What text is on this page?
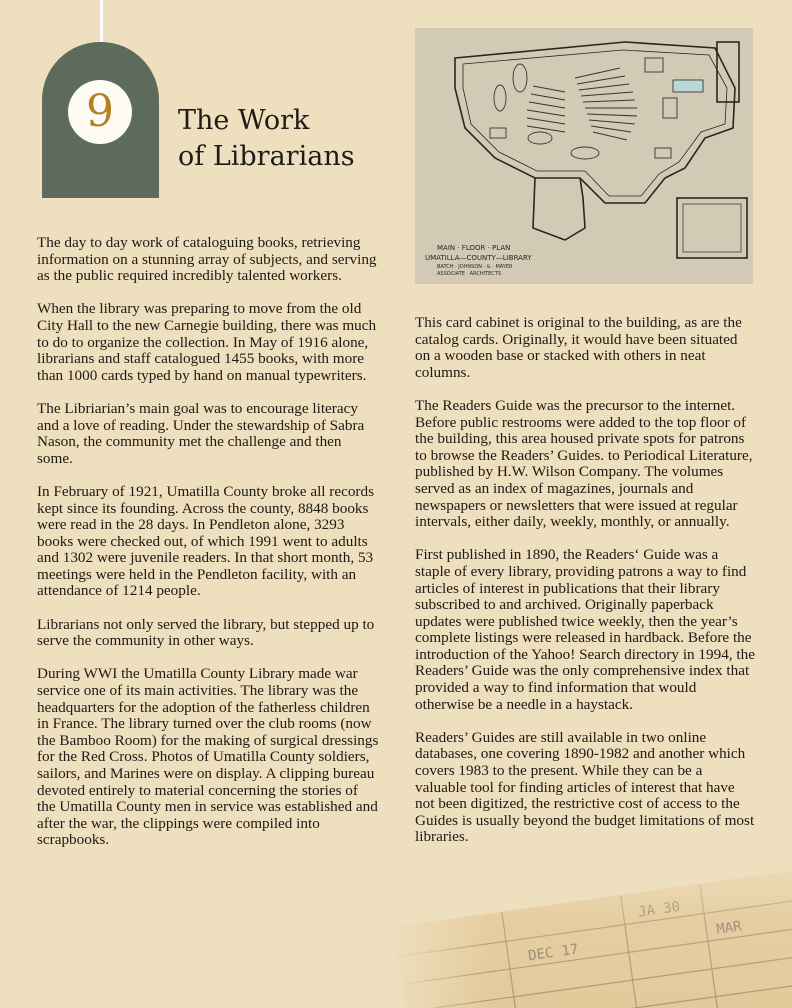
9 The Work
of Librarians
MAIN · FLOOR · PLAN
UMATILLA—COUNTY—LIBRARY
BATCH · JOHNSON · & · MAYER
ASSOCIATE · ARCHITECTS

The day to day work of cataloguing books, retrieving information on a stunning array of subjects, and serving as the public required incredibly talented workers.

When the library was preparing to move from the old City Hall to the new Carnegie building, there was much to do to organize the collection. In May of 1916 alone, librarians and staff catalogued 1455 books, with more than 1000 cards typed by hand on manual typewriters.

The Libriarian’s main goal was to encourage literacy and a love of reading. Under the stewardship of Sabra Nason, the community met the challenge and then some.

In February of 1921, Umatilla County broke all records kept since its founding. Across the county, 8848 books were read in the 28 days. In Pendleton alone, 3293 books were checked out, of which 1991 went to adults and 1302 were juvenile readers. In that short month, 53 meetings were held in the Pendleton facility, with an attendance of 1214 people.

Librarians not only served the library, but stepped up to serve the community in other ways.

During WWI the Umatilla County Library made war service one of its main activities. The library was the headquarters for the adoption of the fatherless children in France. The library turned over the club rooms (now the Bamboo Room) for the making of surgical dressings for the Red Cross. Photos of Umatilla County soldiers, sailors, and Marines were on display. A clipping bureau devoted entirely to material concerning the stories of the Umatilla County men in service was established and after the war, the clippings were compiled into scrapbooks.

This card cabinet is original to the building, as are the catalog cards. Originally, it would have been situated on a wooden base or stacked with others in neat columns.

The Readers Guide was the precursor to the internet. Before public restrooms were added to the top floor of the building, this area housed private spots for patrons to browse the Readers’ Guides. to Periodical Literature, published by H.W. Wilson Company. The volumes served as an index of magazines, journals and newspapers or newsletters that were issued at regular intervals, either daily, weekly, monthly, or annually.

First published in 1890, the Readers‘ Guide was a staple of every library, providing patrons a way to find articles of interest in publications that their library subscribed to and archived. Originally paperback updates were published twice weekly, then the year’s complete listings were released in hardback. Before the introduction of the Yahoo! Search directory in 1994, the Readers’ Guide was the only comprehensive index that provided a way to find information that would otherwise be a needle in a haystack.

Readers’ Guides are still available in two online databases, one covering 1890-1982 and another which covers 1983 to the present. While they can be a valuable tool for finding articles of interest that have not been digitized, the restrictive cost of access to the Guides is usually beyond the budget limitations of most libraries.
